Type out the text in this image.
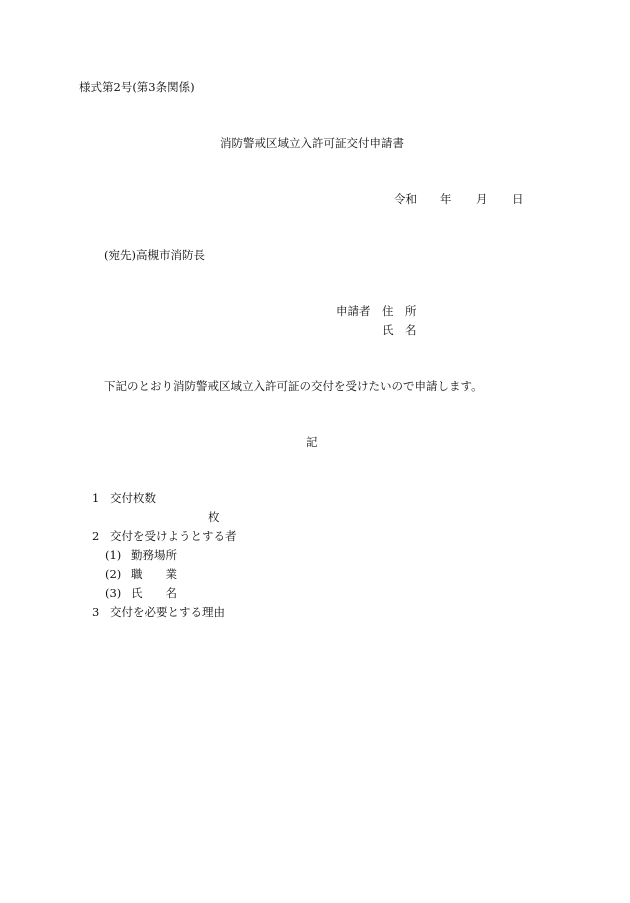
様式第2号(第3条関係)
消防警戒区域立入許可証交付申請書
令和 年 月 日
(宛先)高槻市消防長
申請者 住　所
氏　名
下記のとおり消防警戒区域立入許可証の交付を受けたいので申請します。
記
1 交付枚数
枚
2 交付を受けようとする者
(1) 勤務場所
(2) 職　　業
(3) 氏　　名
3 交付を必要とする理由
